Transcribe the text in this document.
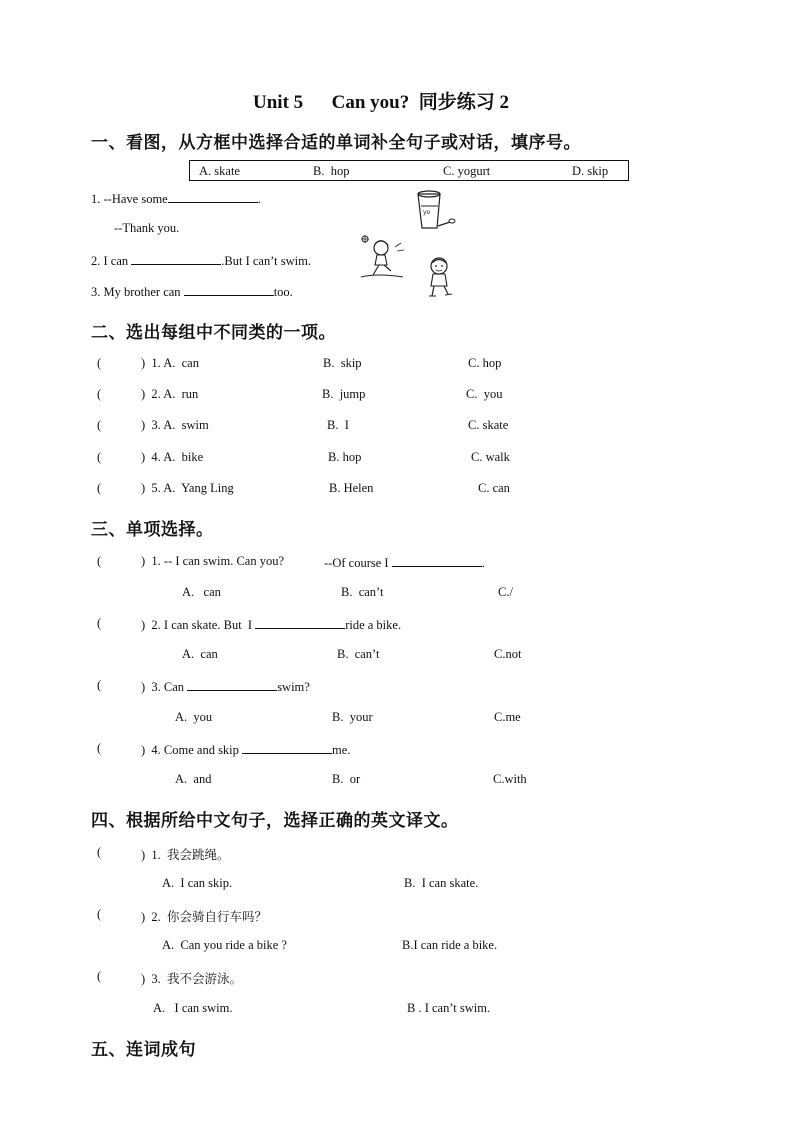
Unit 5      Can you?  同步练习 2
一、看图，从方框中选择合适的单词补全句子或对话，填序号。
A. skate	B.  hop	C. yogurt	D. skip
1. --Have some	.
--Thank you.
2. I can	.But I can’t swim.
3. My brother can	too.
yo
二、选出每组中不同类的一项。
(	)  1. A.  can	B.  skip	C. hop
(	)  2. A.  run	B.  jump	C.  you
(	)  3. A.  swim	B.  I	C. skate
(	)  4. A.  bike	B. hop	C. walk
(	)  5. A.  Yang Ling	B. Helen	C. can
三、单项选择。
(	)  1. -- I can swim. Can you?	--Of course I	.
A.   can	B.  can’t	C./
(	)  2. I can skate. But  I	ride a bike.
A.  can	B.  can’t	C.not
(	)  3. Can	swim?
A.  you	B.  your	C.me
(	)  4. Come and skip	me.
A.  and	B.  or	C.with
四、根据所给中文句子，选择正确的英文译文。
(	)  1.  我会跳绳。
A.  I can skip.	B.  I can skate.
(	)  2.  你会骑自行车吗？
A.  Can you ride a bike ?	B.I can ride a bike.
(	)  3.  我不会游泳。
A.   I can swim.	B . I can’t swim.
五、连词成句
